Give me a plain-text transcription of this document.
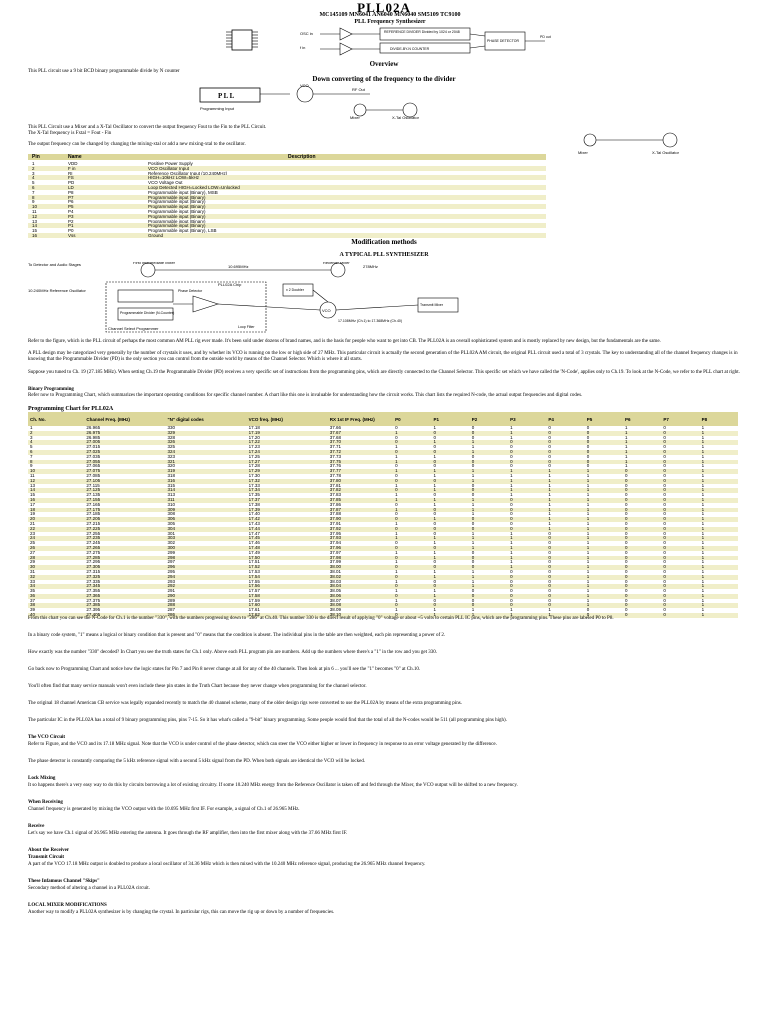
PLL02A
MC145109 MN6041 AN6040 MN6040 SM5109 TC9100
PLL Frequency Synthesizer
OSC in
f in
REFERENCE DIVIDER Divided by 1024 or 2048
DIVIDE-BY-N COUNTER
PHASE DETECTOR
PD out
Overview
This PLL circuit use a 9 bit BCD binary programmable divide by N counter
Down converting of the frequency to the divider
P L L
Programming Input
VCO
RF Out
Mixer	X-Tal Oscillator
This PLL Circuit use a Mixer and a X-Tal Oscillator to convert the output frequency Fout to the Fin to the PLL Circuit.
The X-Tal frequency is Fxtal = Fout - Fin
The output frequency can be changed by changing the mixing-xtal or add a new mixing-xtal to the oscillator.
Mixer	X-Tal Oscillator
Pin	Name	Description
1	VDD	Positive Power Supply
2	F in	VCO Oscillator Input
3	RI	Reference Oscillator Input (10.240MHz)
4	FS	HIGH=10kHz LOW=5kHz
5	PD	VCO Voltage Out
6	LD	Loop Detected HIGH=Locked LOW=Unlocked
7	P8	Programmable input (Binary), MSB
8	P7	Programmable input (Binary)
9	P6	Programmable input (Binary)
10	P5	Programmable input (Binary)
11	P4	Programmable input (Binary)
12	P3	Programmable input (Binary)
13	P2	Programmable input (Binary)
14	P1	Programmable input (Binary)
15	P0	Programmable input (Binary), LSB
16	Vss	Ground
Modification methods
A TYPICAL PLL SYNTHESIZER
To Detector and Audio Stages	First Intermediate Mixer
10.695MHz
Receiver Mixer
278MHz
10.240MHz Reference Oscillator
PLL02A Chip
Programmable Divider (N-Counter)
Phase Detector	x 2 Doubler
VCO
Transmit Mixer
Channel Select Programmer	Loop Filter
17.108MHz (Ch.1) to 17.368MHz (Ch.40)
Refer to the figure, which is the PLL circuit of perhaps the most common AM PLL rig ever made. It's been sold under dozens of brand names, and is the basis for people who want to get into CB. The PLL02A is an overall sophisticated system and is mostly replaced by new design, but the fundamentals are the same.
A PLL design may be categorized very generally by the number of crystals it uses, and by whether its VCO is running on the low or high side of 27 MHz. This particular circuit is actually the second generation of the PLL02A AM circuit, the original PLL circuit used a total of 3 crystals. The key to understanding all of the channel frequency changes is in knowing that the Programmable Divider (PD) is the only section you can control from the outside world by means of the Channel Selector. Which is where it all starts.
Suppose you tuned to Ch. 19 (27.185 MHz). When setting Ch.19 the Programmable Divider (PD) receives a very specific set of instructions from the programming pins, which are directly connected to the Channel Selector. This specific set which we have called the 'N-Code', applies only to Ch.19. To look at the N-Code, we refer to the PLL chart at right.
Binary Programming
Refer now to Programming Chart, which summarizes the important operating conditions for specific channel number. A chart like this one is invaluable for understanding how the circuit works. This chart lists the required N-code, the actual output frequencies and digital codes.
Programming Chart for PLL02A
Ch. No.	Channel Freq. (MHz)	"N" digital codes	VCO freq. (MHz)	RX 1st IF Freq. (MHz)	P0	P1	P2	P3	P4	P5	P6	P7	P8
1	26.965	330	17.18	37.66	0	1	0	1	0	0	1	0	1
2	26.975	329	17.19	37.67	1	0	0	1	0	0	1	0	1
3	26.985	328	17.20	37.68	0	0	0	1	0	0	1	0	1
4	27.005	326	17.22	37.70	0	1	1	0	0	0	1	0	1
5	27.015	325	17.23	37.71	1	0	1	0	0	0	1	0	1
6	27.025	324	17.24	37.72	0	0	1	0	0	0	1	0	1
7	27.035	323	17.25	37.73	1	1	0	0	0	0	1	0	1
8	27.055	321	17.27	37.75	1	0	0	0	0	0	1	0	1
9	27.065	320	17.28	37.76	0	0	0	0	0	0	1	0	1
10	27.075	319	17.29	37.77	1	1	1	1	1	1	0	0	1
11	27.085	318	17.30	37.78	0	1	1	1	1	1	0	0	1
12	27.105	316	17.32	37.80	0	0	1	1	1	1	0	0	1
13	27.115	315	17.33	37.81	1	1	0	1	1	1	0	0	1
14	27.125	314	17.34	37.82	0	1	0	1	1	1	0	0	1
15	27.135	313	17.35	37.83	1	0	0	1	1	1	0	0	1
16	27.155	311	17.37	37.85	1	1	1	0	1	1	0	0	1
17	27.165	310	17.38	37.86	0	1	1	0	1	1	0	0	1
18	27.175	309	17.39	37.87	1	0	1	0	1	1	0	0	1
19	27.185	308	17.40	37.88	0	0	1	0	1	1	0	0	1
20	27.205	306	17.42	37.90	0	1	0	0	1	1	0	0	1
21	27.215	305	17.43	37.91	1	0	0	0	1	1	0	0	1
22	27.225	304	17.44	37.92	0	0	0	0	1	1	0	0	1
23	27.255	301	17.47	37.95	1	0	1	1	0	1	0	0	1
24	27.235	303	17.45	37.93	1	1	1	1	0	1	0	0	1
25	27.245	302	17.46	37.94	0	1	1	1	0	1	0	0	1
26	27.265	300	17.48	37.96	0	0	1	1	0	1	0	0	1
27	27.275	299	17.49	37.97	1	1	0	1	0	1	0	0	1
28	27.285	298	17.50	37.98	0	1	0	1	0	1	0	0	1
29	27.295	297	17.51	37.99	1	0	0	1	0	1	0	0	1
30	27.305	296	17.52	38.00	0	0	0	1	0	1	0	0	1
31	27.315	295	17.53	38.01	1	1	1	0	0	1	0	0	1
32	27.325	294	17.54	38.02	0	1	1	0	0	1	0	0	1
33	27.335	293	17.55	38.03	1	0	1	0	0	1	0	0	1
34	27.345	292	17.56	38.04	0	0	1	0	0	1	0	0	1
35	27.355	291	17.57	38.05	1	1	0	0	0	1	0	0	1
36	27.365	290	17.58	38.06	0	1	0	0	0	1	0	0	1
37	27.375	289	17.59	38.07	1	0	0	0	0	1	0	0	1
38	27.385	288	17.60	38.08	0	0	0	0	0	1	0	0	1
39	27.395	287	17.61	38.09	1	1	1	1	1	0	0	0	1
40	27.405	286	17.62	38.10	0	1	1	1	1	0	0	0	1
From this chart you can see the N-Code for Ch.1 is the number "330", with the numbers progressing down to "286" at Ch.40. This number 330 is the direct result of applying "0" voltage or about +5 volts to certain PLL IC pins, which are the programming pins. These pins are labeled P0 to P8.
In a binary code system, "1" means a logical or binary condition that is present and "0" means that the condition is absent. The individual pins in the table are then weighted, each pin representing a power of 2.
How exactly was the number "330" decoded? In Chart you see the truth states for Ch.1 only. Above each PLL program pin are numbers. Add up the numbers where there's a "1" in the row and you get 330.
Go back now to Programming Chart and notice how the logic states for Pin 7 and Pin 8 never change at all for any of the 40 channels. Then look at pin 6 ... you'll see the "1" becomes "0" at Ch.10.
You'll often find that many service manuals won't even include these pin states in the Truth Chart because they never change when programming for the channel selector.
The original 18 channel American CB service was legally expanded recently to match the 40 channel scheme, many of the older design rigs were converted to use the PLL02A by means of the extra programming pins.
The particular IC in the PLL02A has a total of 9 binary programming pins, pins 7-15. So it has what's called a "9-bit" binary programming. Some people would find that the total of all the N-codes would be 511 (all programming pins high).
The VCO Circuit
Refer to Figure, and the VCO and its 17.18 MHz signal. Note that the VCO is under control of the phase detector, which can steer the VCO either higher or lower in frequency in response to an error voltage generated by the difference.
The phase detector is constantly comparing the 5 kHz reference signal with a second 5 kHz signal from the PD. When both signals are identical the VCO will be locked.
Lock Mixing
It so happens there's a very easy way to do this by circuits borrowing a lot of existing circuitry. If some 10.240 MHz energy from the Reference Oscillator is taken off and fed through the Mixer, the VCO output will be shifted to a new frequency.
When Receiving
Channel frequency is generated by mixing the VCO output with the 10.695 MHz first IF. For example, a signal of Ch.1 of 26.965 MHz.
Receive
Let's say we have Ch.1 signal of 26.965 MHz entering the antenna. It goes through the RF amplifier, then into the first mixer along with the 37.66 MHz first IF.
About the Receiver
Transmit Circuit
A part of the VCO 17.18 MHz output is doubled to produce a local oscillator of 34.36 MHz which is then mixed with the 10.240 MHz reference signal, producing the 26.965 MHz channel frequency.
These Infamous Channel "Skips"
Secondary method of altering a channel in a PLL02A circuit.
LOCAL MIXER MODIFICATIONS
Another way to modify a PLL02A synthesizer is by changing the crystal. In particular rigs, this can move the rig up or down by a number of frequencies.
